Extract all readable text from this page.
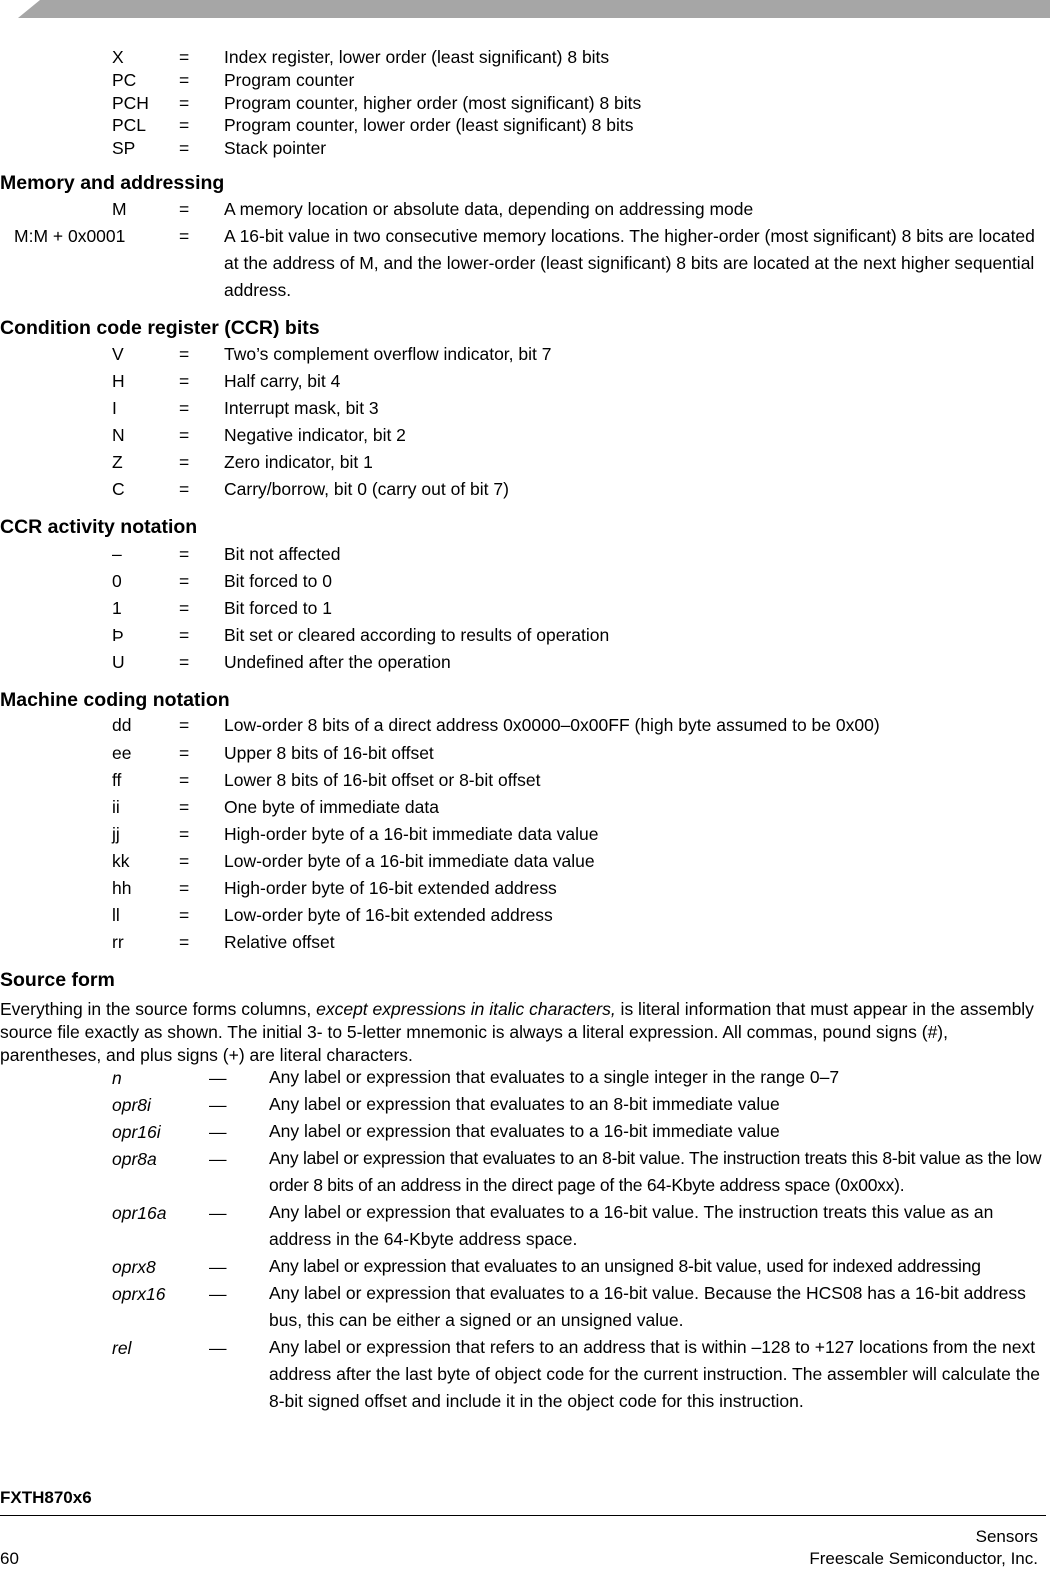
X	= Index register, lower order (least significant) 8 bits
PC = Program counter
PCH = Program counter, higher order (most significant) 8 bits
PCL = Program counter, lower order (least significant) 8 bits
SP = Stack pointer
Memory and addressing
M	= A memory location or absolute data, depending on addressing mode
M:M + 0x0001	= A 16-bit value in two consecutive memory locations. The higher-order (most significant) 8 bits are located at the address of M, and the lower-order (least significant) 8 bits are located at the next higher sequential address.
Condition code register (CCR) bits
V	= Two’s complement overflow indicator, bit 7
H	= Half carry, bit 4
I	= Interrupt mask, bit 3
N	= Negative indicator, bit 2
Z	= Zero indicator, bit 1
C	= Carry/borrow, bit 0 (carry out of bit 7)
CCR activity notation
–	= Bit not affected
0	= Bit forced to 0
1	= Bit forced to 1
Þ	= Bit set or cleared according to results of operation
U	= Undefined after the operation
Machine coding notation
dd	= Low-order 8 bits of a direct address 0x0000–0x00FF (high byte assumed to be 0x00)
ee	= Upper 8 bits of 16-bit offset
ff	= Lower 8 bits of 16-bit offset or 8-bit offset
ii	= One byte of immediate data
jj	= High-order byte of a 16-bit immediate data value
kk	= Low-order byte of a 16-bit immediate data value
hh	= High-order byte of 16-bit extended address
ll	= Low-order byte of 16-bit extended address
rr	= Relative offset
Source form
Everything in the source forms columns, except expressions in italic characters, is literal information that must appear in the assembly source file exactly as shown. The initial 3- to 5-letter mnemonic is always a literal expression. All commas, pound signs (#), parentheses, and plus signs (+) are literal characters.
n	— Any label or expression that evaluates to a single integer in the range 0–7
opr8i	— Any label or expression that evaluates to an 8-bit immediate value
opr16i	— Any label or expression that evaluates to a 16-bit immediate value
opr8a	— Any label or expression that evaluates to an 8-bit value. The instruction treats this 8-bit value as the low order 8 bits of an address in the direct page of the 64-Kbyte address space (0x00xx).
opr16a — Any label or expression that evaluates to a 16-bit value. The instruction treats this value as an address in the 64-Kbyte address space.
oprx8	— Any label or expression that evaluates to an unsigned 8-bit value, used for indexed addressing
oprx16 — Any label or expression that evaluates to a 16-bit value. Because the HCS08 has a 16-bit address bus, this can be either a signed or an unsigned value.
rel	— Any label or expression that refers to an address that is within –128 to +127 locations from the next address after the last byte of object code for the current instruction. The assembler will calculate the 8-bit signed offset and include it in the object code for this instruction.
FXTH870x6
Sensors
60	Freescale Semiconductor, Inc.
